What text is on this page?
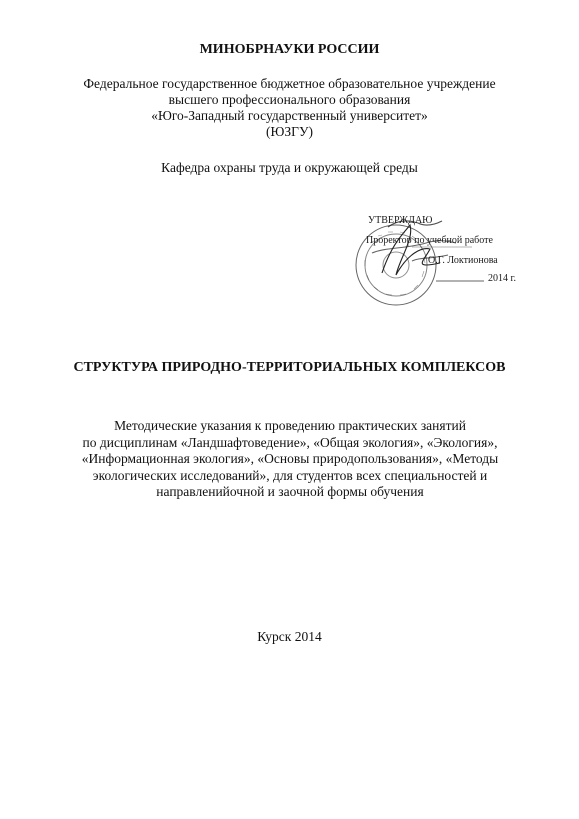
МИНОБРНАУКИ РОССИИ
Федеральное государственное бюджетное образовательное учреждение
высшего профессионального образования
«Юго-Западный государственный университет»
(ЮЗГУ)
Кафедра охраны труда и окружающей среды
УТВЕРЖДАЮ
Проректор по учебной работе
О.Г. Локтионова
2014 г.
СТРУКТУРА ПРИРОДНО-ТЕРРИТОРИАЛЬНЫХ КОМПЛЕКСОВ
Методические указания к проведению практических занятий
по дисциплинам «Ландшафтоведение», «Общая экология», «Экология»,
«Информационная экология», «Основы природопользования», «Методы
экологических исследований», для студентов всех специальностей и
направленийочной и заочной формы обучения
Курск 2014
